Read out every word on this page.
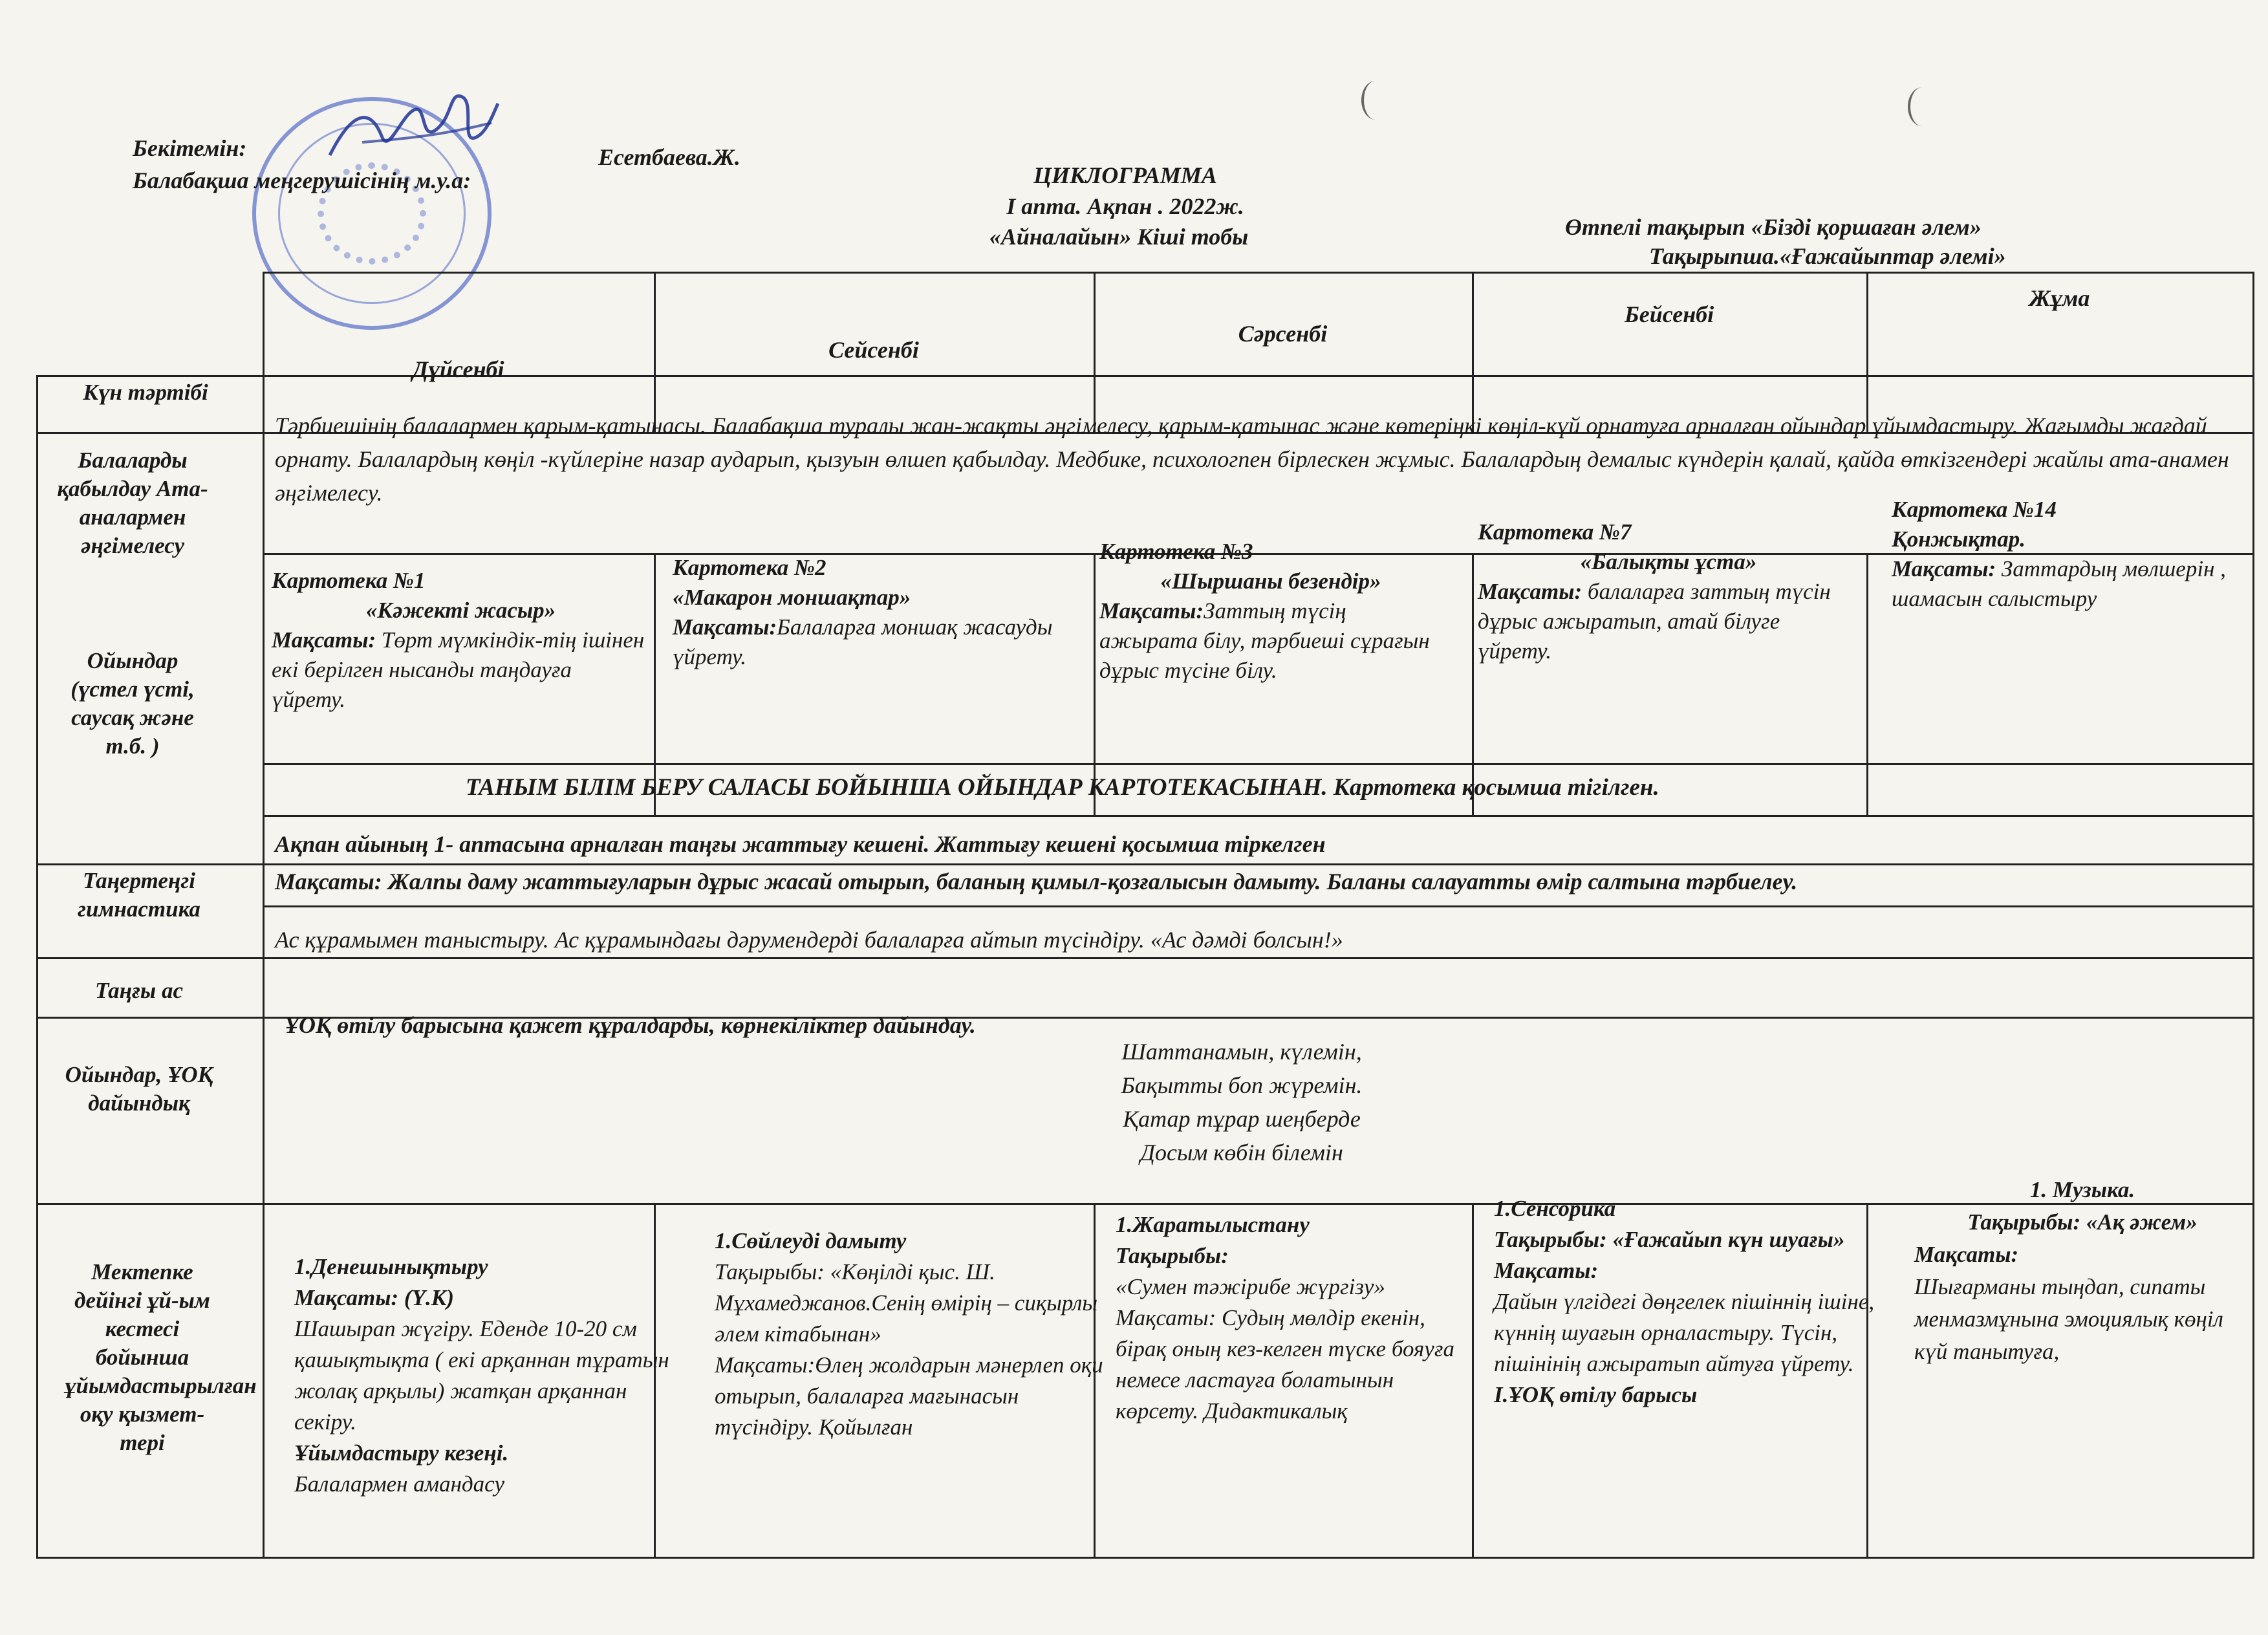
Бекітемін:
Балабақша меңгерушісінің м.у.а:
Есетбаева.Ж.
ЦИКЛОГРАММА
I апта. Ақпан . 2022ж.
«Айналайын» Кіші тобы	Өтпелі тақырып «Бізді қоршаған әлем»
Тақырыпша.«Ғажайыптар әлемі»
Күн тәртібі
Дүйсенбі
Сейсенбі
Сәрсенбі
Бейсенбі
Жұма
Балаларды қабылдау Ата-аналармен әңгімелесу
Ойындар (үстел үсті, саусақ және т.б. )
Тәрбиешінің балалармен қарым-қатынасы. Балабақша туралы жан-жақты әңгімелесу, қарым-қатынас және көтеріңкі көңіл-күй орнатуға арналған ойындар ұйымдастыру. Жағымды жағдай орнату. Балалардың көңіл -күйлеріне назар аударып, қызуын өлшеп қабылдау. Медбике, психологпен бірлескен жұмыс. Балалардың демалыс күндерін қалай, қайда өткізгендері жайлы ата-анамен әңгімелесу.
Картотека №1
«Кәжекті жасыр»
Мақсаты: Төрт мүмкіндік-тің ішінен екі берілген нысанды таңдауға үйрету.
Картотека №2
«Макарон моншақтар»
Мақсаты:Балаларға моншақ жасауды үйрету.
Картотека №3
«Шыршаны безендір»
Мақсаты:Заттың түсің ажырата білу, тәрбиеші сұрағын дұрыс түсіне білу.
Картотека №7
«Балықты ұста»
Мақсаты: балаларға заттың түсін дұрыс ажыратып, атай білуге үйрету.
Картотека №14
Қонжықтар.
Мақсаты: Заттардың мөлшерін , шамасын салыстыру
ТАНЫМ БІЛІМ БЕРУ САЛАСЫ БОЙЫНША ОЙЫНДАР КАРТОТЕКАСЫНАН. Картотека қосымша тігілген.
Таңертеңгі гимнастика
Ақпан айының 1- аптасына арналған таңғы жаттығу кешені. Жаттығу кешені қосымша тіркелген
Мақсаты: Жалпы даму жаттығуларын дұрыс жасай отырып, баланың қимыл-қозғалысын дамыту. Баланы салауатты өмір салтына тәрбиелеу.
Таңғы ас
Ас құрамымен таныстыру. Ас құрамындағы дәрумендерді балаларға айтып түсіндіру. «Ас дәмді болсын!»
Ойындар, ҰОҚ дайындық
ҰОҚ өтілу барысына қажет құралдарды, көрнекіліктер дайындау.
Шаттанамын, күлемін,
Бақытты боп жүремін.
Қатар тұрар шеңберде
Досым көбін білемін
Мектепке дейінгі ұй-ым кестесі бойынша ұйымдастырылған оқу қызмет-тері
1.Денешынықтыру
Мақсаты: (Ү.К)
Шашырап жүгіру. Еденде 10-20 см қашықтықта ( екі арқаннан тұратын жолақ арқылы) жатқан арқаннан секіру.
Ұйымдастыру кезеңі.
Балалармен амандасу
1.Сөйлеуді дамыту
Тақырыбы: «Көңілді қыс. Ш. Мұхамеджанов.Сенің өмірің – сиқырлы әлем кітабынан»
Мақсаты:Өлең жолдарын мәнерлеп оқи отырып, балаларға мағынасын түсіндіру. Қойылған
1.Жаратылыстану
Тақырыбы:
«Сумен тәжірибе жүргізу»
Мақсаты: Судың мөлдір екенін, бірақ оның кез-келген түске бояуға немесе ластауға болатынын көрсету. Дидактикалық
1.Сенсорика
Тақырыбы: «Ғажайып күн шуағы»
Мақсаты:
Дайын үлгідегі дөңгелек пішіннің ішіне, күннің шуағын орналастыру. Түсін, пішінінің ажыратып айтуға үйрету.
I.ҰОҚ өтілу барысы
1. Музыка.
Тақырыбы: «Ақ әжем»
Мақсаты:
Шығарманы тыңдап, сипаты менмазмұнына эмоциялық көңіл күй танытуға,
